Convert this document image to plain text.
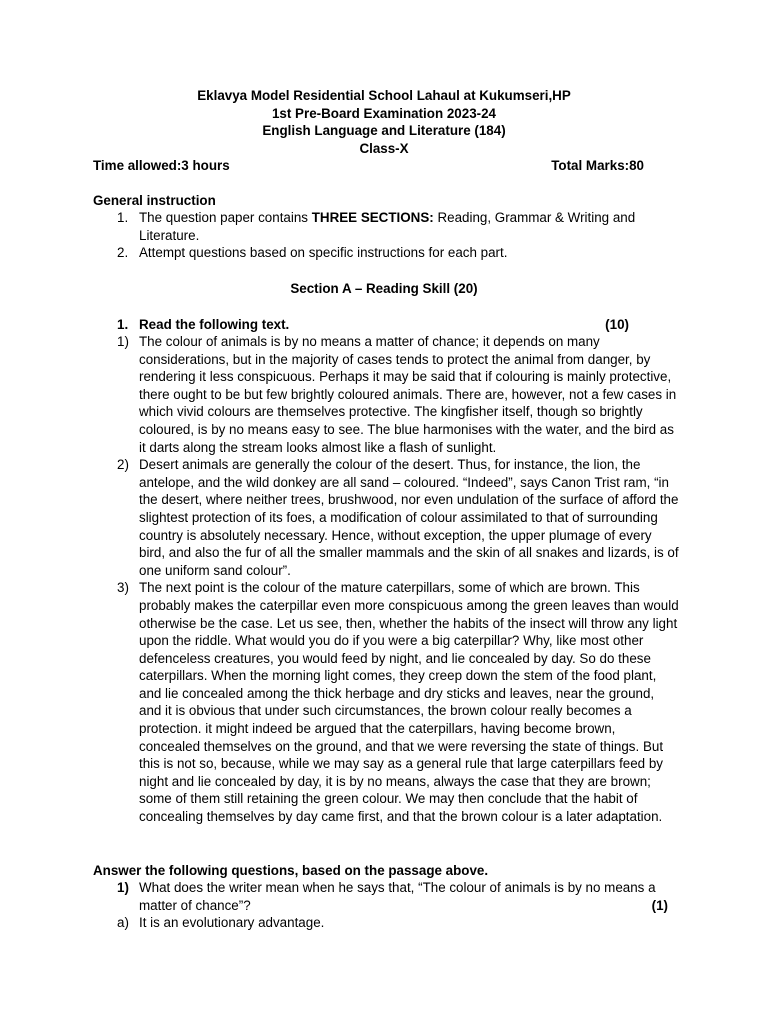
Eklavya Model Residential School Lahaul at Kukumseri,HP
1st Pre-Board Examination 2023-24
English Language and Literature (184)
Class-X
Time allowed:3 hours	Total Marks:80
General instruction
1. The question paper contains THREE SECTIONS: Reading, Grammar & Writing and Literature.
2. Attempt questions based on specific instructions for each part.
Section A – Reading Skill (20)
1. Read the following text.	(10)
1) The colour of animals is by no means a matter of chance; it depends on many considerations, but in the majority of cases tends to protect the animal from danger, by rendering it less conspicuous. Perhaps it may be said that if colouring is mainly protective, there ought to be but few brightly coloured animals. There are, however, not a few cases in which vivid colours are themselves protective. The kingfisher itself, though so brightly coloured, is by no means easy to see. The blue harmonises with the water, and the bird as it darts along the stream looks almost like a flash of sunlight.

2) Desert animals are generally the colour of the desert. Thus, for instance, the lion, the antelope, and the wild donkey are all sand – coloured. “Indeed”, says Canon Trist ram, “in the desert, where neither trees, brushwood, nor even undulation of the surface of afford the slightest protection of its foes, a modification of colour assimilated to that of surrounding country is absolutely necessary. Hence, without exception, the upper plumage of every bird, and also the fur of all the smaller mammals and the skin of all snakes and lizards, is of one uniform sand colour”.

3) The next point is the colour of the mature caterpillars, some of which are brown. This probably makes the caterpillar even more conspicuous among the green leaves than would otherwise be the case. Let us see, then, whether the habits of the insect will throw any light upon the riddle. What would you do if you were a big caterpillar? Why, like most other defenceless creatures, you would feed by night, and lie concealed by day. So do these caterpillars. When the morning light comes, they creep down the stem of the food plant, and lie concealed among the thick herbage and dry sticks and leaves, near the ground, and it is obvious that under such circumstances, the brown colour really becomes a protection. it might indeed be argued that the caterpillars, having become brown, concealed themselves on the ground, and that we were reversing the state of things. But this is not so, because, while we may say as a general rule that large caterpillars feed by night and lie concealed by day, it is by no means, always the case that they are brown; some of them still retaining the green colour. We may then conclude that the habit of concealing themselves by day came first, and that the brown colour is a later adaptation.

Answer the following questions, based on the passage above.
1) What does the writer mean when he says that, “The colour of animals is by no means a matter of chance”?	(1)
a) It is an evolutionary advantage.
